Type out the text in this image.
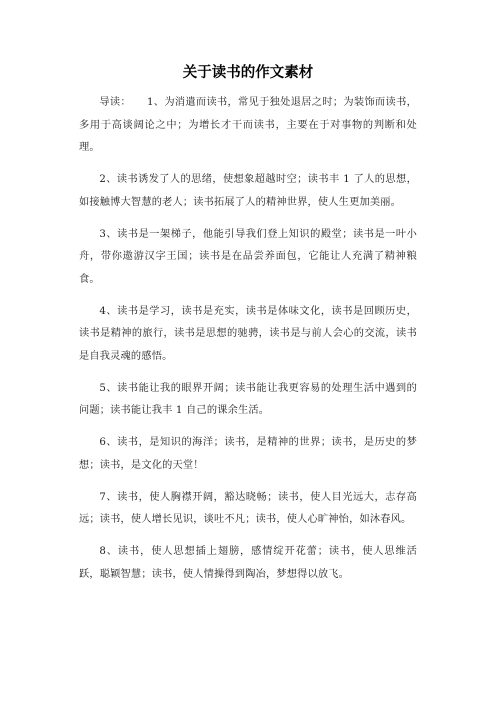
关于读书的作文素材

导读：　　1、为消遣而读书，常见于独处退居之时；为装饰而读书，多用于高谈阔论之中；为增长才干而读书，主要在于对事物的判断和处理。

2、读书诱发了人的思绪，使想象超越时空；读书丰 1 了人的思想，如接触博大智慧的老人；读书拓展了人的精神世界，使人生更加美丽。

3、读书是一架梯子，他能引导我们登上知识的殿堂；读书是一叶小舟，带你遨游汉字王国；读书是在品尝养面包，它能让人充满了精神粮食。

4、读书是学习，读书是充实，读书是体味文化，读书是回顾历史，读书是精神的旅行，读书是思想的驰骋，读书是与前人会心的交流，读书是自我灵魂的感悟。

5、读书能让我的眼界开阔；读书能让我更容易的处理生活中遇到的问题；读书能让我丰 1 自己的课余生活。

6、读书，是知识的海洋；读书，是精神的世界；读书，是历史的梦想；读书，是文化的天堂！

7、读书，使人胸襟开阔，豁达晓畅；读书，使人目光远大，志存高远；读书，使人增长见识，谈吐不凡；读书，使人心旷神怡，如沐春风。

8、读书，使人思想插上翅膀，感情绽开花蕾；读书，使人思维活跃，聪颖智慧；读书，使人情操得到陶冶，梦想得以放飞。
